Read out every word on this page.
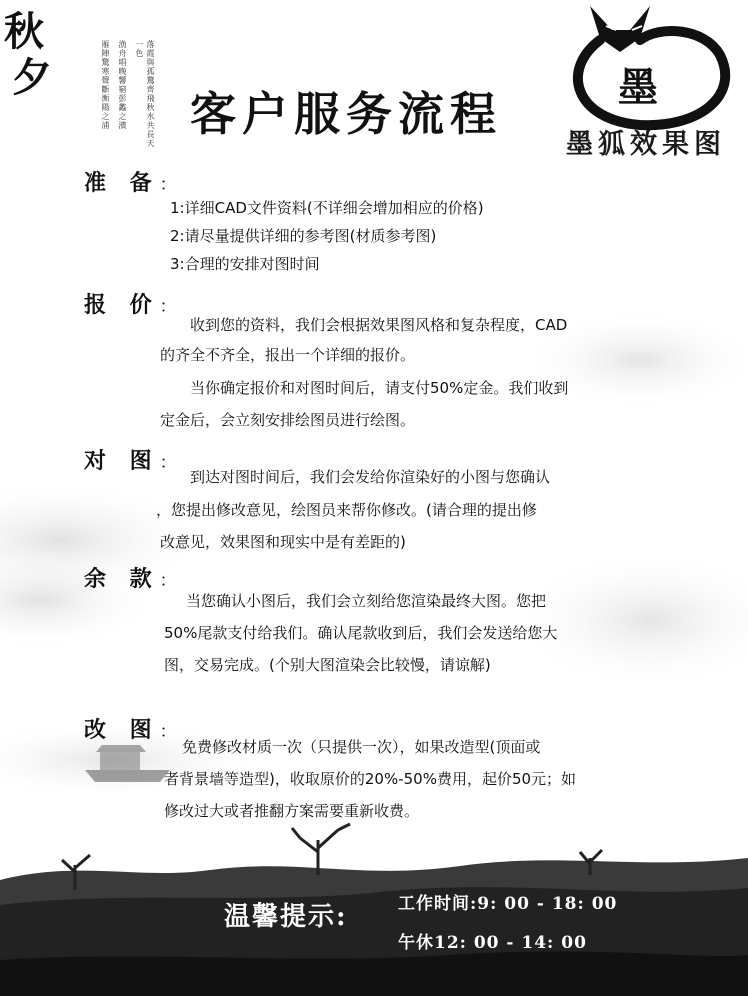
秋
夕	落霞與孤鶩齊飛秋水共長天一色
漁舟唱晚響窮彭蠡之濱
雁陣驚寒聲斷衡陽之浦	墨
墨狐效果图
客户服务流程
准 备：
1:详细CAD文件资料(不详细会增加相应的价格)
2:请尽量提供详细的参考图(材质参考图)
3:合理的安排对图时间
报 价：
收到您的资料，我们会根据效果图风格和复杂程度，CAD
的齐全不齐全，报出一个详细的报价。
当你确定报价和对图时间后，请支付50%定金。我们收到
定金后，会立刻安排绘图员进行绘图。
对 图：
到达对图时间后，我们会发给你渲染好的小图与您确认
，您提出修改意见，绘图员来帮你修改。(请合理的提出修
改意见，效果图和现实中是有差距的)
余 款：
当您确认小图后，我们会立刻给您渲染最终大图。您把
50%尾款支付给我们。确认尾款收到后，我们会发送给您大
图，交易完成。(个别大图渲染会比较慢，请谅解)
改 图：
免费修改材质一次（只提供一次），如果改造型(顶面或
者背景墙等造型)，收取原价的20%-50%费用，起价50元；如
修改过大或者推翻方案需要重新收费。
温馨提示:	工作时间:9: 00 - 18: 00
午休12: 00 - 14: 00
